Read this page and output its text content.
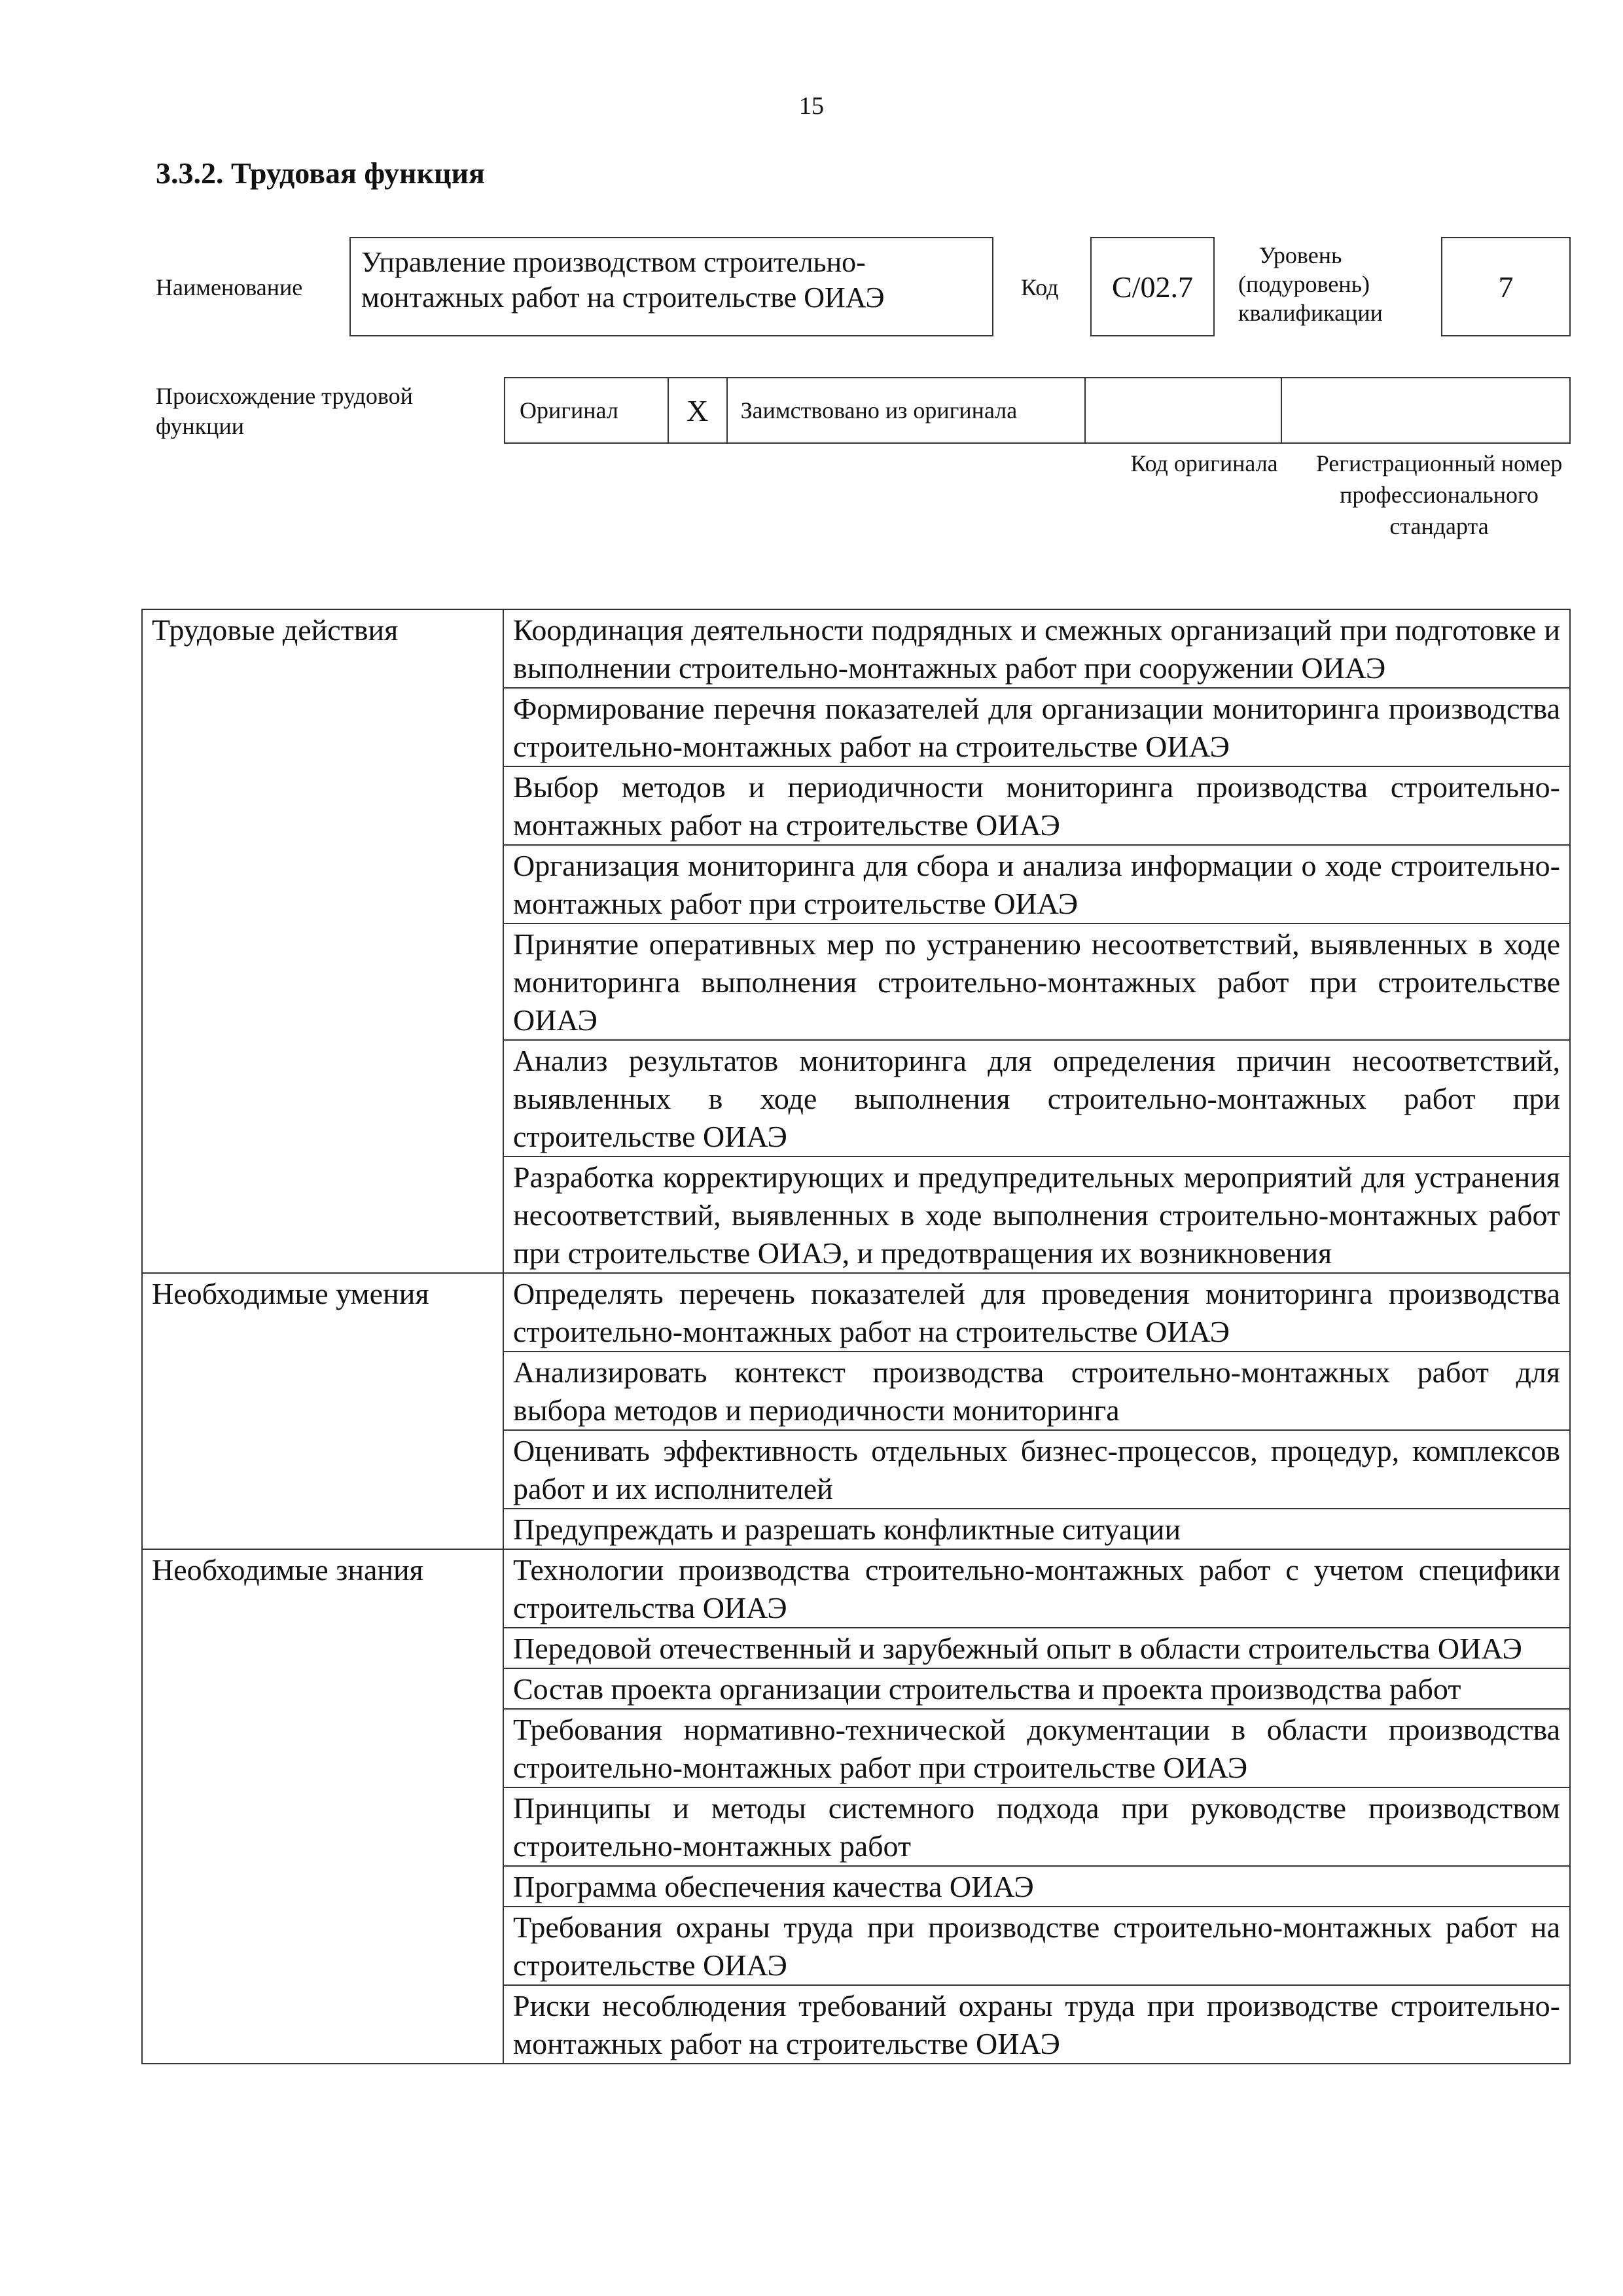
15
3.3.2. Трудовая функция
Наименование
Управление производством строительно-монтажных работ на строительстве ОИАЭ	Код	C/02.7
Уровень
(подуровень)
квалификации
7
Происхождение трудовой функции
Оригинал	X	Заимствовано из оригинала
Код оригинала	Регистрационный номер профессионального стандарта
Трудовые действия	Координация деятельности подрядных и смежных организаций при подготовке и выполнении строительно-монтажных работ при сооружении ОИАЭ
	Формирование перечня показателей для организации мониторинга производства строительно-монтажных работ на строительстве ОИАЭ
	Выбор методов и периодичности мониторинга производства строительно-монтажных работ на строительстве ОИАЭ
	Организация мониторинга для сбора и анализа информации о ходе строительно-монтажных работ при строительстве ОИАЭ
	Принятие оперативных мер по устранению несоответствий, выявленных в ходе мониторинга выполнения строительно-монтажных работ при строительстве ОИАЭ
	Анализ результатов мониторинга для определения причин несоответствий, выявленных в ходе выполнения строительно-монтажных работ при строительстве ОИАЭ
	Разработка корректирующих и предупредительных мероприятий для устранения несоответствий, выявленных в ходе выполнения строительно-монтажных работ при строительстве ОИАЭ, и предотвращения их возникновения
Необходимые умения	Определять перечень показателей для проведения мониторинга производства строительно-монтажных работ на строительстве ОИАЭ
	Анализировать контекст производства строительно-монтажных работ для выбора методов и периодичности мониторинга
	Оценивать эффективность отдельных бизнес-процессов, процедур, комплексов работ и их исполнителей
	Предупреждать и разрешать конфликтные ситуации
Необходимые знания	Технологии производства строительно-монтажных работ с учетом специфики строительства ОИАЭ
	Передовой отечественный и зарубежный опыт в области строительства ОИАЭ
	Состав проекта организации строительства и проекта производства работ
	Требования нормативно-технической документации в области производства строительно-монтажных работ при строительстве ОИАЭ
	Принципы и методы системного подхода при руководстве производством строительно-монтажных работ
	Программа обеспечения качества ОИАЭ
	Требования охраны труда при производстве строительно-монтажных работ на строительстве ОИАЭ
	Риски несоблюдения требований охраны труда при производстве строительно-монтажных работ на строительстве ОИАЭ
